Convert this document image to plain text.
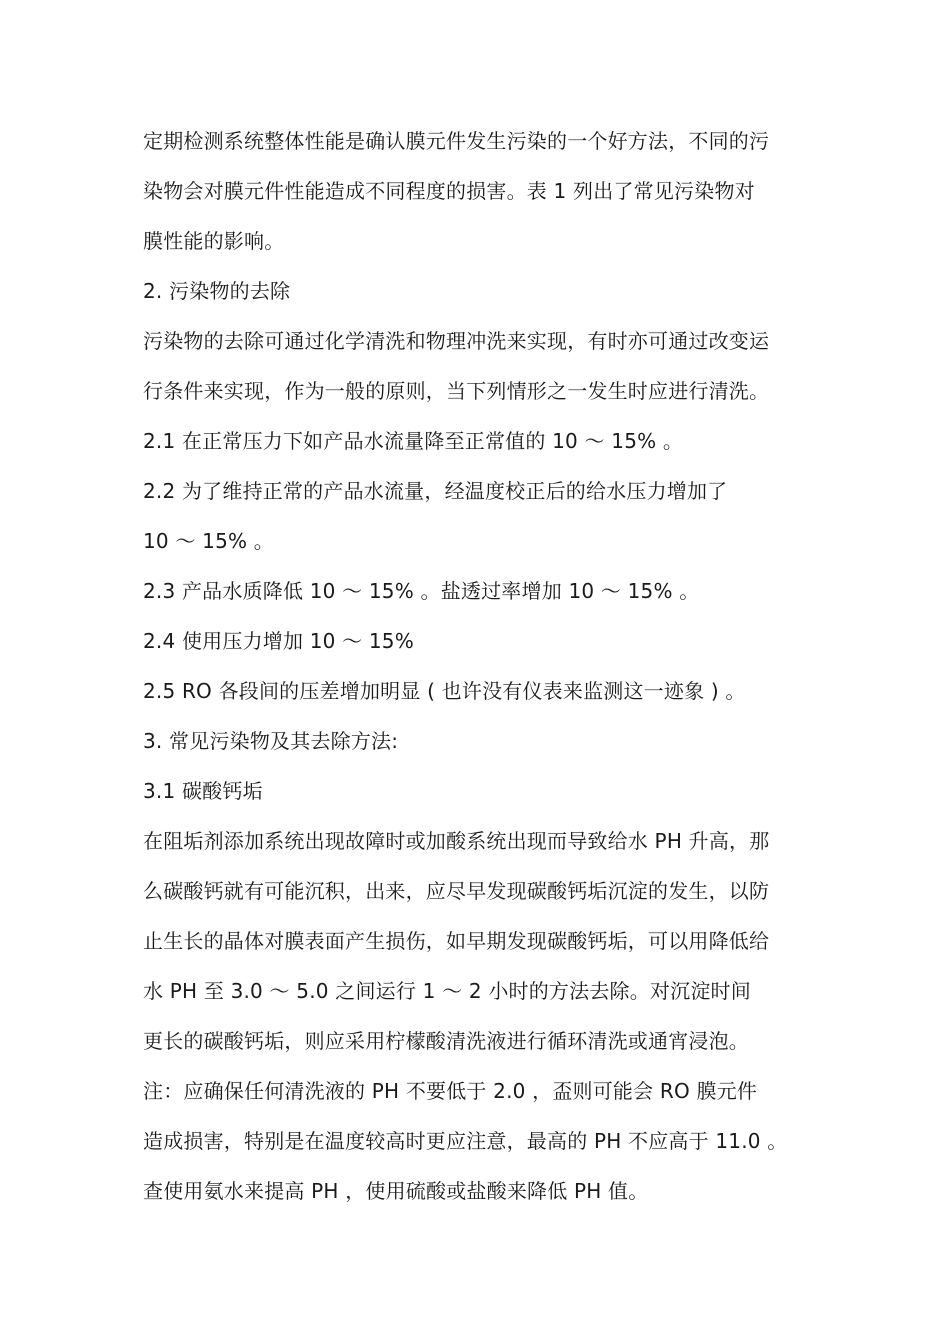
定期检测系统整体性能是确认膜元件发生污染的一个好方法，不同的污
染物会对膜元件性能造成不同程度的损害。表 1 列出了常见污染物对
膜性能的影响。
2. 污染物的去除
污染物的去除可通过化学清洗和物理冲洗来实现，有时亦可通过改变运
行条件来实现，作为一般的原则，当下列情形之一发生时应进行清洗。
2.1 在正常压力下如产品水流量降至正常值的 10 ～ 15% 。
2.2 为了维持正常的产品水流量，经温度校正后的给水压力增加了
10 ～ 15% 。
2.3 产品水质降低 10 ～ 15% 。盐透过率增加 10 ～ 15% 。
2.4 使用压力增加 10 ～ 15%
2.5 RO 各段间的压差增加明显 ( 也许没有仪表来监测这一迹象 ) 。
3. 常见污染物及其去除方法:
3.1 碳酸钙垢
在阻垢剂添加系统出现故障时或加酸系统出现而导致给水 PH 升高，那
么碳酸钙就有可能沉积，出来，应尽早发现碳酸钙垢沉淀的发生，以防
止生长的晶体对膜表面产生损伤，如早期发现碳酸钙垢，可以用降低给
水 PH 至 3.0 ～ 5.0 之间运行 1 ～ 2 小时的方法去除。对沉淀时间
更长的碳酸钙垢，则应采用柠檬酸清洗液进行循环清洗或通宵浸泡。
注：应确保任何清洗液的 PH 不要低于 2.0 ，盃则可能会 RO 膜元件
造成损害，特别是在温度较高时更应注意，最高的 PH 不应高于 11.0 。
查使用氨水来提高 PH ，使用硫酸或盐酸来降低 PH 值。
